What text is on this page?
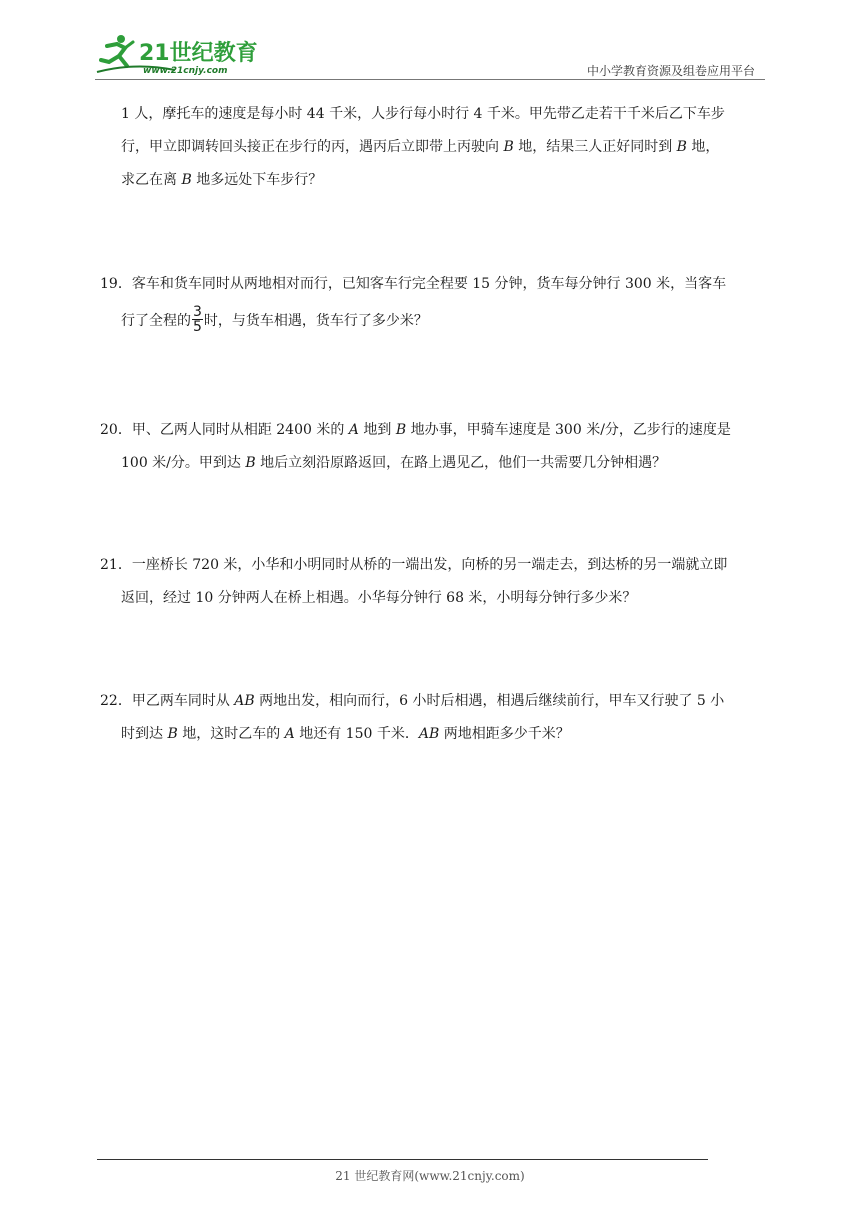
21世纪教育
www.21cnjy.com	中小学教育资源及组卷应用平台
1 人，摩托车的速度是每小时 44 千米，人步行每小时行 4 千米。甲先带乙走若干千米后乙下车步
行，甲立即调转回头接正在步行的丙，遇丙后立即带上丙驶向 B 地，结果三人正好同时到 B 地，
求乙在离 B 地多远处下车步行？
19．客车和货车同时从两地相对而行，已知客车行完全程要 15 分钟，货车每分钟行 300 米，当客车
行了全程的 $\frac{3}{5}$ 时，与货车相遇，货车行了多少米？
20．甲、乙两人同时从相距 2400 米的 A 地到 B 地办事，甲骑车速度是 300 米/分，乙步行的速度是
100 米/分。甲到达 B 地后立刻沿原路返回，在路上遇见乙，他们一共需要几分钟相遇？
21．一座桥长 720 米，小华和小明同时从桥的一端出发，向桥的另一端走去，到达桥的另一端就立即
返回，经过 10 分钟两人在桥上相遇。小华每分钟行 68 米，小明每分钟行多少米？
22．甲乙两车同时从 AB 两地出发，相向而行，6 小时后相遇，相遇后继续前行，甲车又行驶了 5 小
时到达 B 地，这时乙车的 A 地还有 150 千米．AB 两地相距多少千米？
21 世纪教育网(www.21cnjy.com)
